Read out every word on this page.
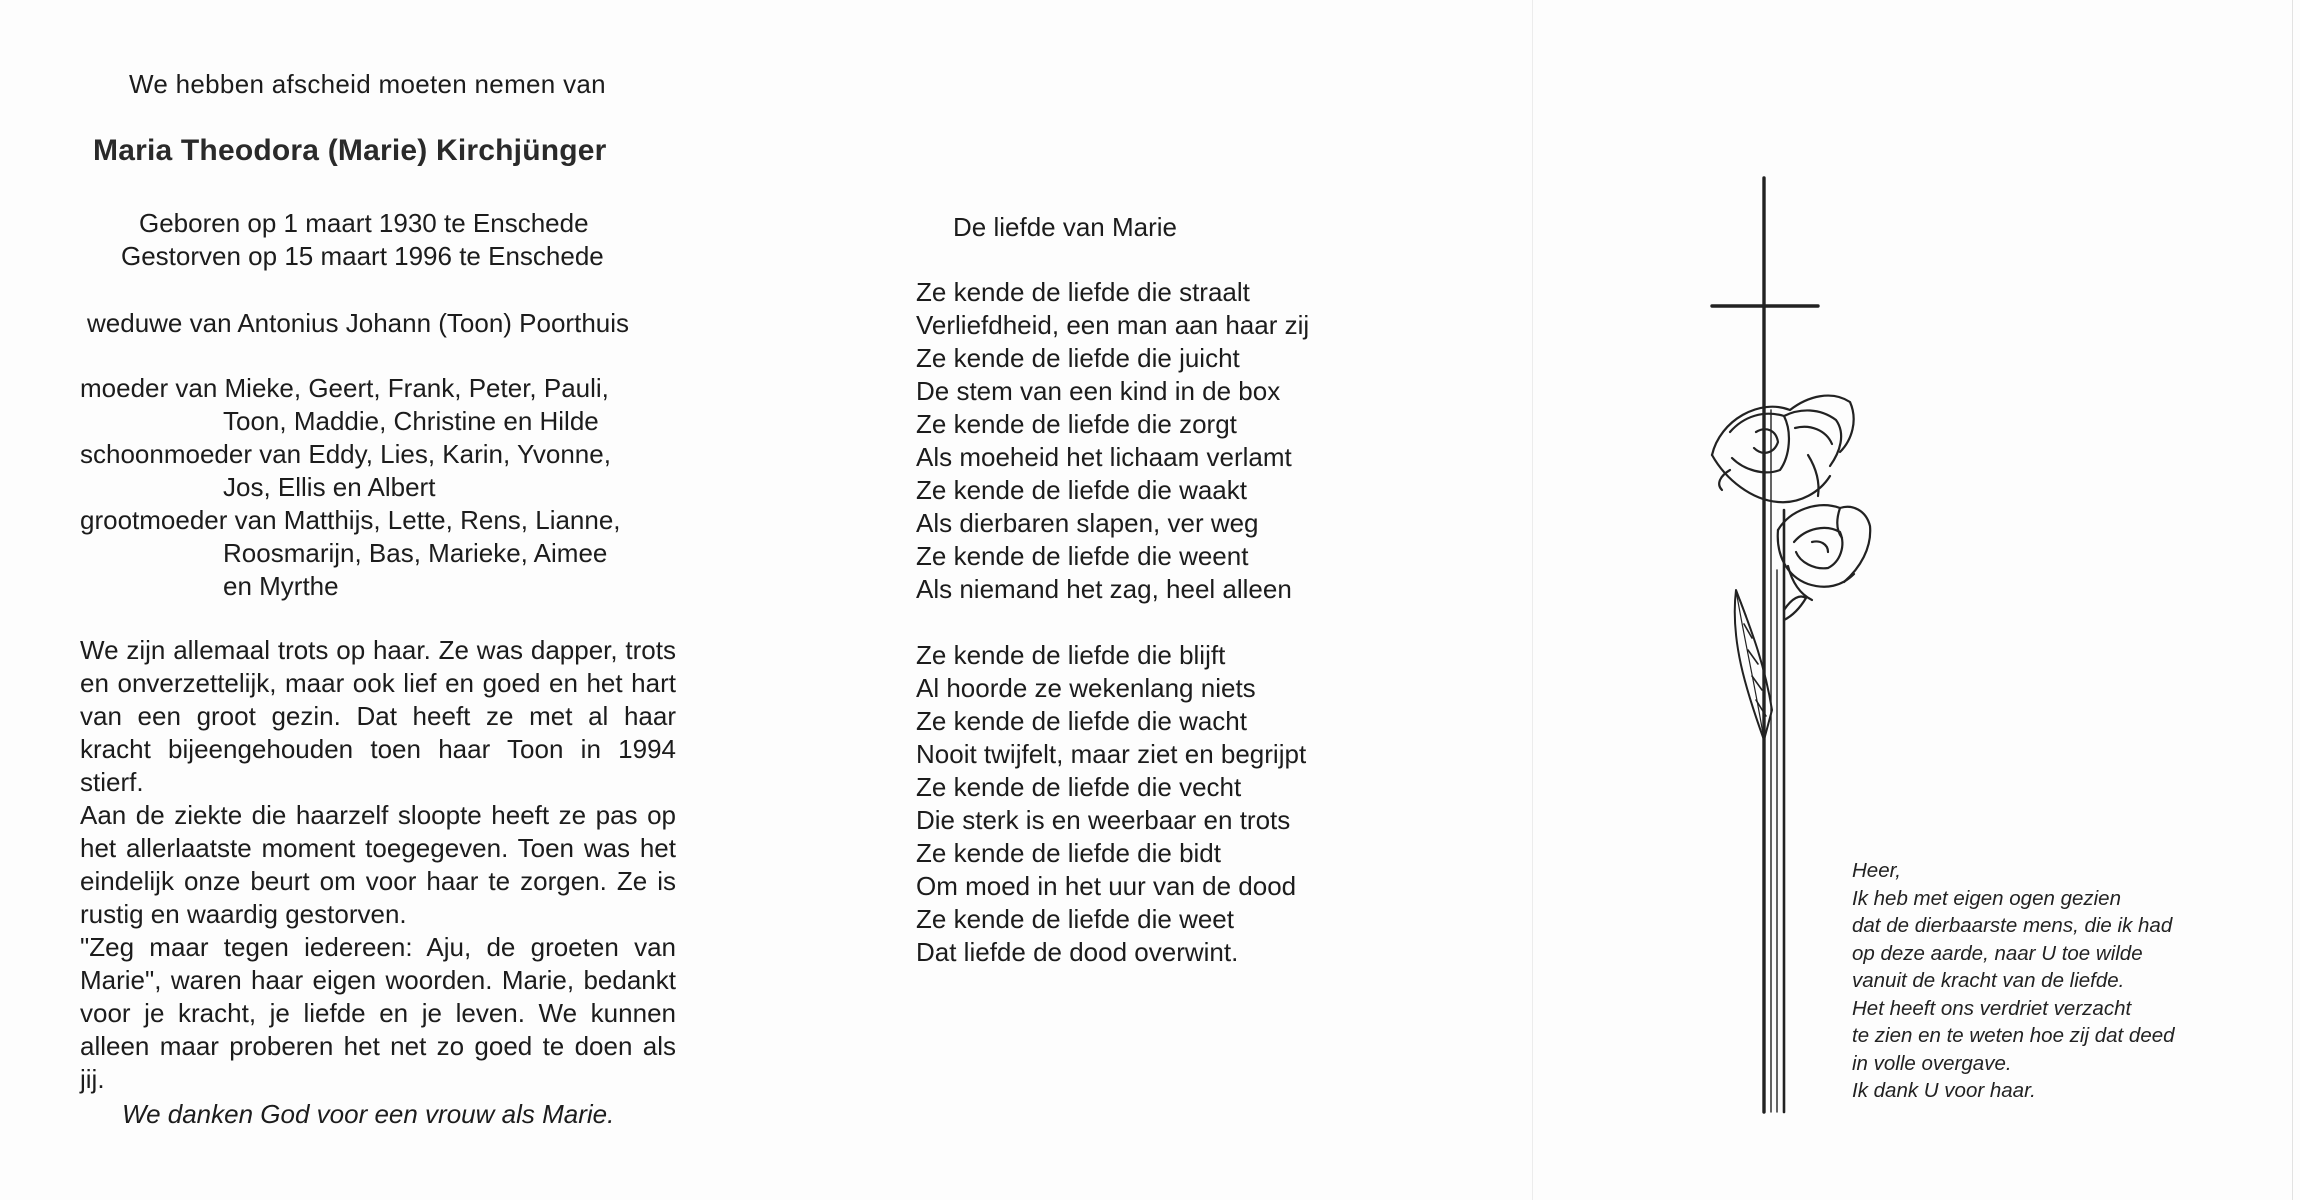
We hebben afscheid moeten nemen van

Maria Theodora (Marie) Kirchjünger

Geboren op 1 maart 1930 te Enschede

Gestorven op 15 maart 1996 te Enschede

weduwe van Antonius Johann (Toon) Poorthuis

moeder van Mieke, Geert, Frank, Peter, Pauli,
Toon, Maddie, Christine en Hilde
schoonmoeder van Eddy, Lies, Karin, Yvonne,
Jos, Ellis en Albert
grootmoeder van Matthijs, Lette, Rens, Lianne,
Roosmarijn, Bas, Marieke, Aimee
en Myrthe

We zijn allemaal trots op haar. Ze was dapper, trots en onverzettelijk, maar ook lief en goed en het hart van een groot gezin. Dat heeft ze met al haar kracht bijeengehouden toen haar Toon in 1994 stierf.

Aan de ziekte die haarzelf sloopte heeft ze pas op het allerlaatste moment toegegeven. Toen was het eindelijk onze beurt om voor haar te zorgen. Ze is rustig en waardig gestorven.

"Zeg maar tegen iedereen: Aju, de groeten van Marie", waren haar eigen woorden. Marie, bedankt voor je kracht, je liefde en je leven. We kunnen alleen maar proberen het net zo goed te doen als jij.

We danken God voor een vrouw als Marie.

De liefde van Marie

Ze kende de liefde die straalt
Verliefdheid, een man aan haar zij
Ze kende de liefde die juicht
De stem van een kind in de box
Ze kende de liefde die zorgt
Als moeheid het lichaam verlamt
Ze kende de liefde die waakt
Als dierbaren slapen, ver weg
Ze kende de liefde die weent
Als niemand het zag, heel alleen
Ze kende de liefde die blijft
Al hoorde ze wekenlang niets
Ze kende de liefde die wacht
Nooit twijfelt, maar ziet en begrijpt
Ze kende de liefde die vecht
Die sterk is en weerbaar en trots
Ze kende de liefde die bidt
Om moed in het uur van de dood
Ze kende de liefde die weet
Dat liefde de dood overwint.
Heer,
Ik heb met eigen ogen gezien
dat de dierbaarste mens, die ik had
op deze aarde, naar U toe wilde
vanuit de kracht van de liefde.
Het heeft ons verdriet verzacht
te zien en te weten hoe zij dat deed
in volle overgave.
Ik dank U voor haar.
